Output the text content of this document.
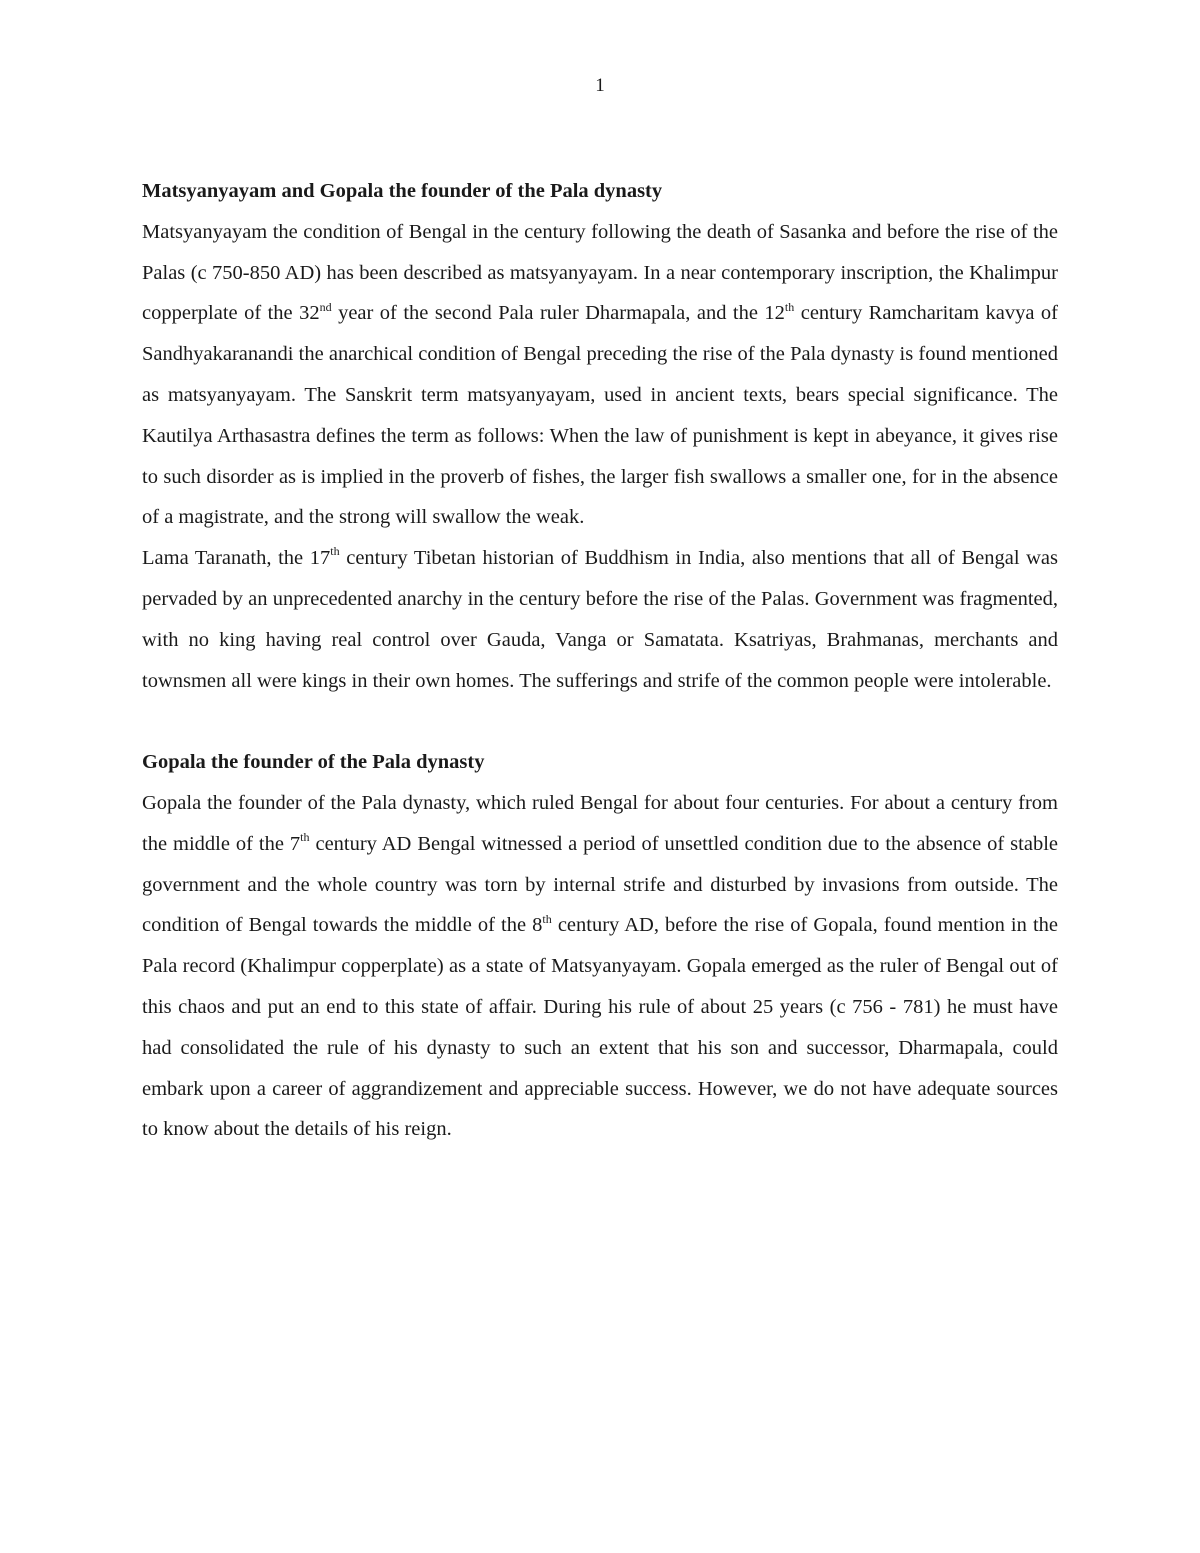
1

Matsyanyayam and Gopala the founder of the Pala dynasty

Matsyanyayam the condition of Bengal in the century following the death of Sasanka and before the rise of the Palas (c 750-850 AD) has been described as matsyanyayam. In a near contemporary inscription, the Khalimpur copperplate of the 32nd year of the second Pala ruler Dharmapala, and the 12th century Ramcharitam kavya of Sandhyakaranandi the anarchical condition of Bengal preceding the rise of the Pala dynasty is found mentioned as matsyanyayam. The Sanskrit term matsyanyayam, used in ancient texts, bears special significance. The Kautilya Arthasastra defines the term as follows: When the law of punishment is kept in abeyance, it gives rise to such disorder as is implied in the proverb of fishes, the larger fish swallows a smaller one, for in the absence of a magistrate, and the strong will swallow the weak.

Lama Taranath, the 17th century Tibetan historian of Buddhism in India, also mentions that all of Bengal was pervaded by an unprecedented anarchy in the century before the rise of the Palas. Government was fragmented, with no king having real control over Gauda, Vanga or Samatata. Ksatriyas, Brahmanas, merchants and townsmen all were kings in their own homes. The sufferings and strife of the common people were intolerable.

Gopala the founder of the Pala dynasty

Gopala the founder of the Pala dynasty, which ruled Bengal for about four centuries. For about a century from the middle of the 7th century AD Bengal witnessed a period of unsettled condition due to the absence of stable government and the whole country was torn by internal strife and disturbed by invasions from outside. The condition of Bengal towards the middle of the 8th century AD, before the rise of Gopala, found mention in the Pala record (Khalimpur copperplate) as a state of Matsyanyayam. Gopala emerged as the ruler of Bengal out of this chaos and put an end to this state of affair. During his rule of about 25 years (c 756 - 781) he must have had consolidated the rule of his dynasty to such an extent that his son and successor, Dharmapala, could embark upon a career of aggrandizement and appreciable success. However, we do not have adequate sources to know about the details of his reign.
